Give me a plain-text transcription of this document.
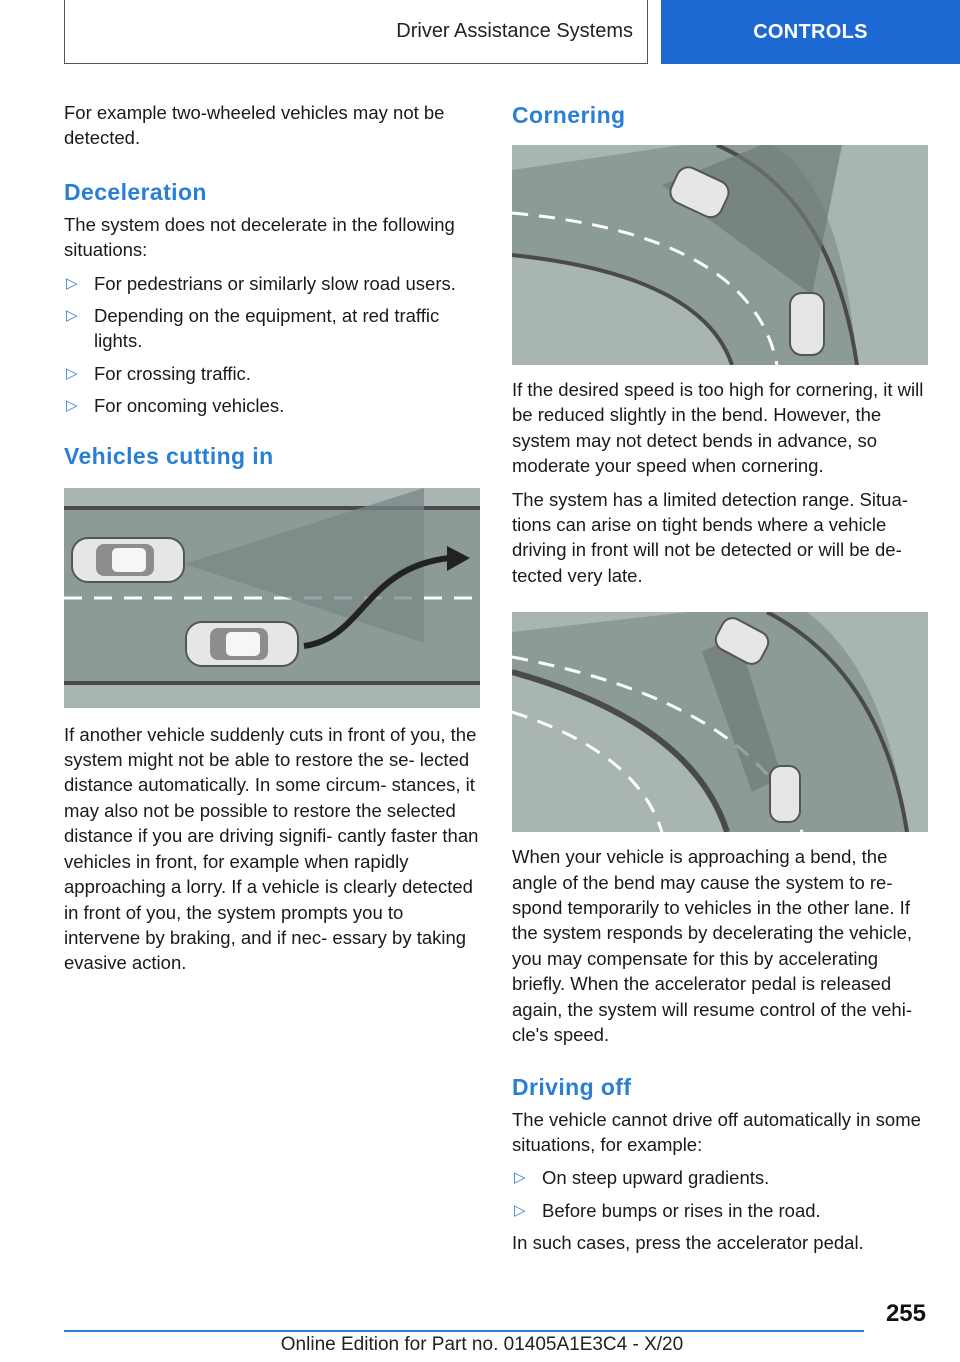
Driver Assistance Systems	CONTROLS

For example two-wheeled vehicles may not be detected.

Deceleration

The system does not decelerate in the following situations:

▷ For pedestrians or similarly slow road users.
▷ Depending on the equipment, at red traffic lights.
▷ For crossing traffic.
▷ For oncoming vehicles.
Vehicles cutting in

If another vehicle suddenly cuts in front of you, the system might not be able to restore the se‐ lected distance automatically. In some circum‐ stances, it may also not be possible to restore the selected distance if you are driving signifi‐ cantly faster than vehicles in front, for example when rapidly approaching a lorry. If a vehicle is clearly detected in front of you, the system prompts you to intervene by braking, and if nec‐ essary by taking evasive action.

Cornering

If the desired speed is too high for cornering, it will be reduced slightly in the bend. However, the system may not detect bends in advance, so moderate your speed when cornering.

The system has a limited detection range. Situa‐ tions can arise on tight bends where a vehicle driving in front will not be detected or will be de‐ tected very late.

When your vehicle is approaching a bend, the angle of the bend may cause the system to re‐ spond temporarily to vehicles in the other lane. If the system responds by decelerating the vehicle, you may compensate for this by accelerating briefly. When the accelerator pedal is released again, the system will resume control of the vehi‐ cle's speed.

Driving off

The vehicle cannot drive off automatically in some situations, for example:

▷ On steep upward gradients.
▷ Before bumps or rises in the road.

In such cases, press the accelerator pedal.

255
Online Edition for Part no. 01405A1E3C4 - X/20
